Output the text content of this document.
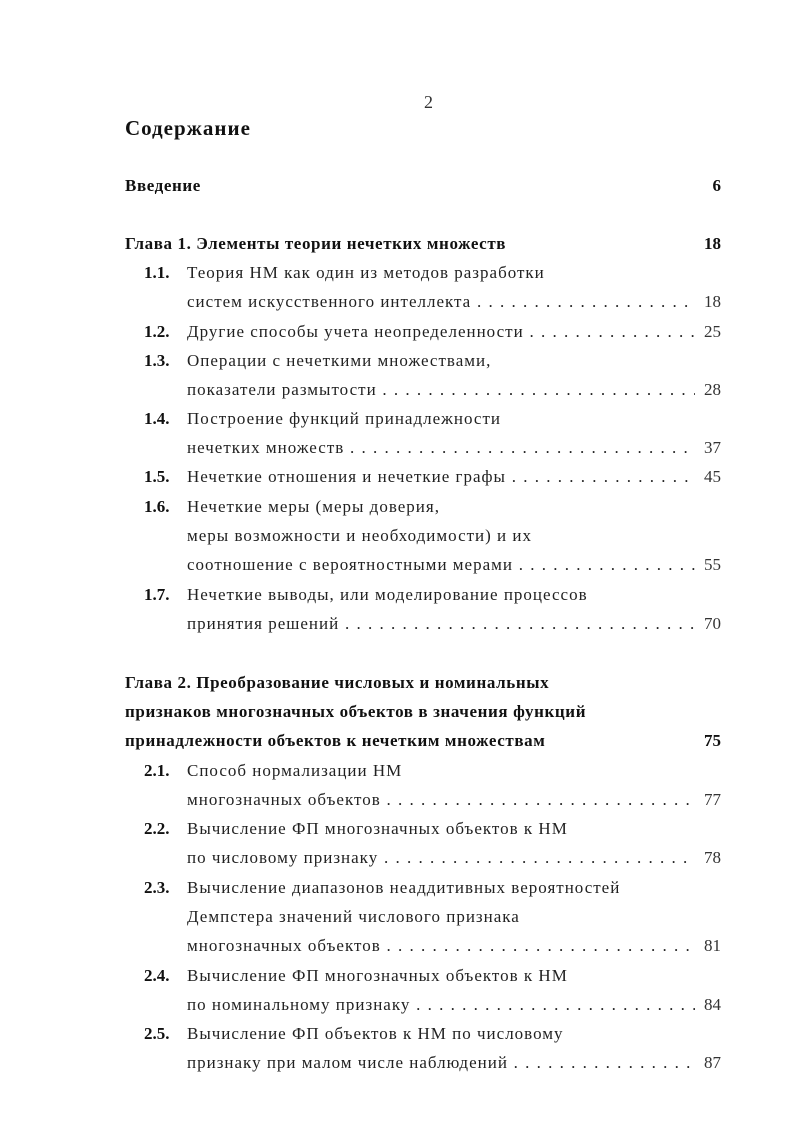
2
Содержание
Введение	6
Глава 1. Элементы теории нечетких множеств	18
1.1. Теория НМ как один из методов разработки
систем искусственного интеллекта . . .	18
1.2. Другие способы учета неопределенности . . .	25
1.3. Операции с нечеткими множествами,
показатели размытости . . .	28
1.4. Построение функций принадлежности
нечетких множеств . . .	37
1.5. Нечеткие отношения и нечеткие графы . . .	45
1.6. Нечеткие меры (меры доверия,
меры возможности и необходимости) и их
соотношение с вероятностными мерами . . .	55
1.7. Нечеткие выводы, или моделирование процессов
принятия решений . . .	70
Глава 2. Преобразование числовых и номинальных
признаков многозначных объектов в значения функций
принадлежности объектов к нечетким множествам	75
2.1. Способ нормализации НМ
многозначных объектов . . .	77
2.2. Вычисление ФП многозначных объектов к НМ
по числовому признаку . . .	78
2.3. Вычисление диапазонов неаддитивных вероятностей
Демпстера значений числового признака
многозначных объектов . . .	81
2.4. Вычисление ФП многозначных объектов к НМ
по номинальному признаку . . .	84
2.5. Вычисление ФП объектов к НМ по числовому
признаку при малом числе наблюдений . . .	87
